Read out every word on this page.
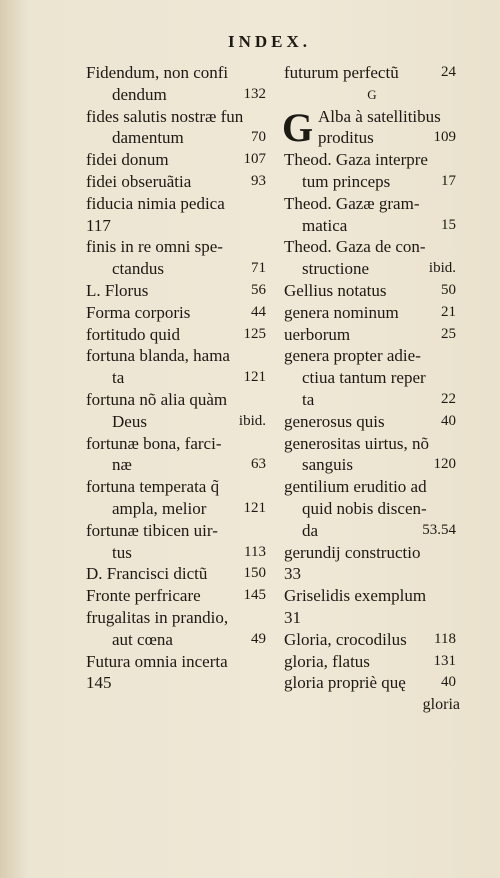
INDEX.
Fidendum, non confi
dendum	132
fides salutis nostræ fun
damentum	70
fidei donum	107
fidei obseruãtia	93
fiducia nimia pedica
117
finis in re omni spe-
ctandus	71
L. Florus	56
Forma corporis	44
fortitudo quid	125
fortuna blanda, hama
ta	121
fortuna nõ alia quàm
Deus	ibid.
fortunæ bona, farci-
næ	63
fortuna temperata q̃
ampla, melior 121
fortunæ tibicen uir-
tus	113
D. Francisci dictũ 150
Fronte perfricare	145
frugalitas in prandio,
aut cœna	49
Futura omnia incerta
145
futurum perfectũ	24
G
G Alba à satellitibus
proditus	109
Theod. Gaza interpre
tum princeps	17
Theod. Gazæ gram-
matica	15
Theod. Gaza de con-
structione	ibid.
Gellius notatus	50
genera nominum	21
uerborum	25
genera propter adie-
ctiua tantum reper
ta	22
generosus quis	40
generositas uirtus, nõ
sanguis	120
gentilium eruditio ad
quid nobis discen-
da	53.54
gerundij constructio
33
Griselidis exemplum
31
Gloria, crocodilus 118
gloria, flatus	131
gloria propriè quę 40
gloria
